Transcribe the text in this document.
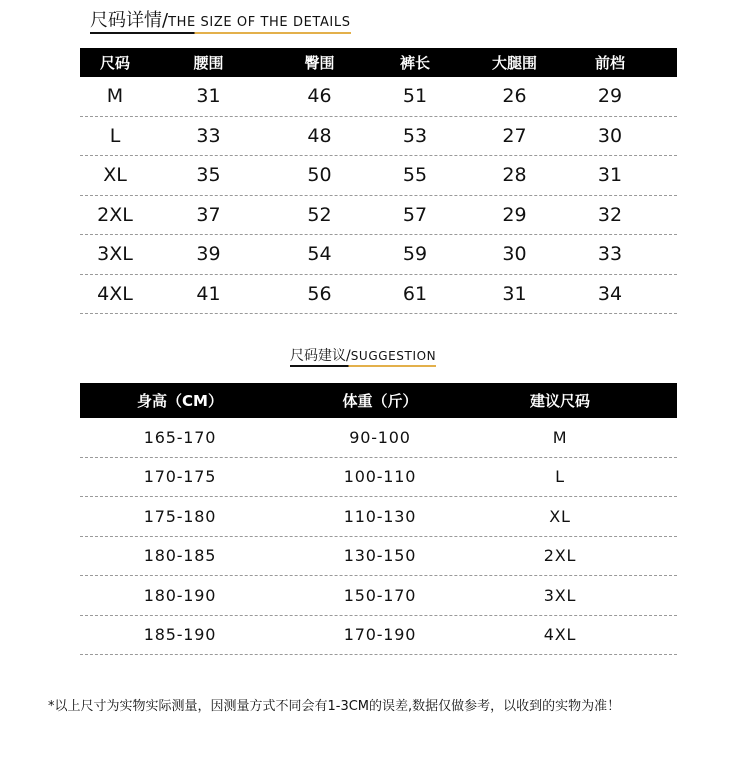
尺码详情/THE SIZE OF THE DETAILS
尺码	腰围	臀围	裤长	大腿围	前档
M	31	46	51	26	29
L	33	48	53	27	30
XL	35	50	55	28	31
2XL	37	52	57	29	32
3XL	39	54	59	30	33
4XL	41	56	61	31	34
尺码建议/SUGGESTION
身高（CM）	体重（斤）	建议尺码
165-170	90-100	M
170-175	100-110	L
175-180	110-130	XL
180-185	130-150	2XL
180-190	150-170	3XL
185-190	170-190	4XL
*以上尺寸为实物实际测量，因测量方式不同会有1-3CM的误差,数据仅做参考，以收到的实物为准！
